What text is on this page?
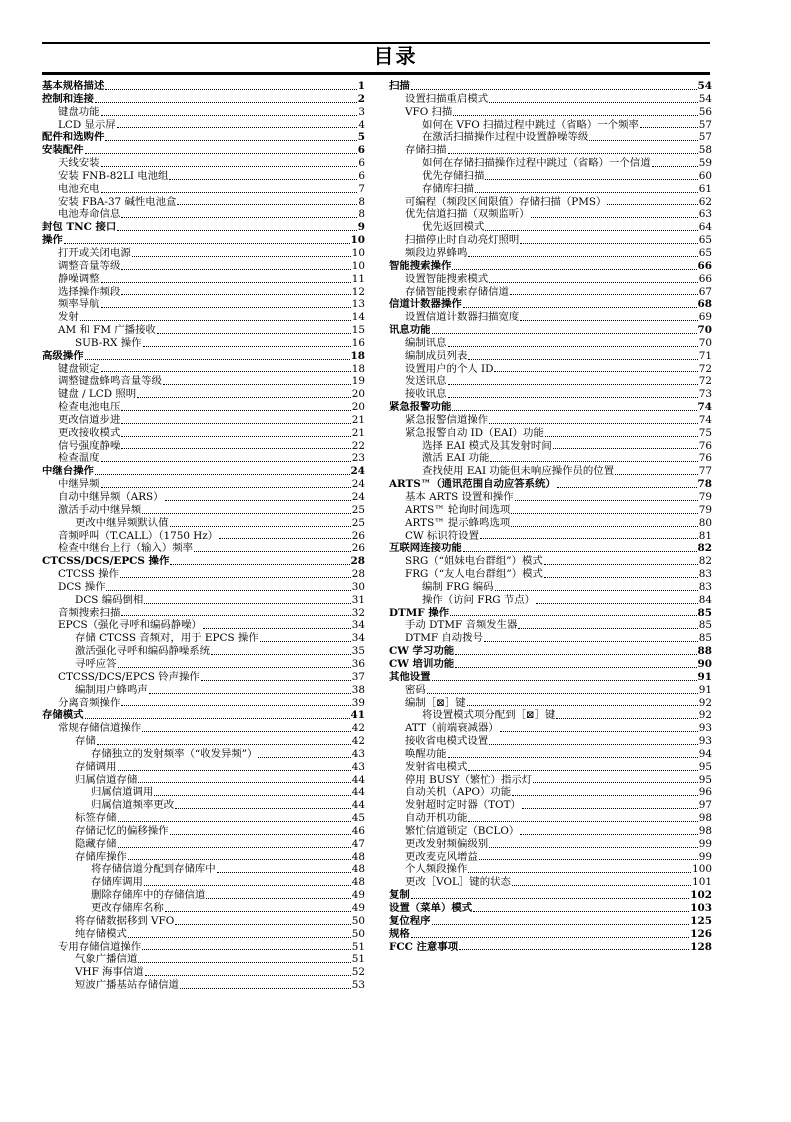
目录
基本规格描述	1
控制和连接	2
键盘功能	3
LCD 显示屏	4
配件和选购件	5
安装配件	6
天线安装	6
安装 FNB-82LI 电池组	6
电池充电	7
安装 FBA-37 碱性电池盒	8
电池寿命信息	8
封包 TNC 接口	9
操作	10
打开或关闭电源	10
调整音量等级	10
静噪调整	11
选择操作频段	12
频率导航	13
发射	14
AM 和 FM 广播接收	15
SUB-RX 操作	16
高级操作	18
键盘锁定	18
调整键盘蜂鸣音量等级	19
键盘 / LCD 照明	20
检查电池电压	20
更改信道步进	21
更改接收模式	21
信号强度静噪	22
检查温度	23
中继台操作	24
中继异频	24
自动中继异频（ARS）	24
激活手动中继异频	25
更改中继异频默认值	25
音频呼叫（T.CALL）（1750 Hz）	26
检查中继台上行（输入）频率	26
CTCSS/DCS/EPCS 操作	28
CTCSS 操作	28
DCS 操作	30
DCS 编码倒相	31
音频搜索扫描	32
EPCS（强化寻呼和编码静噪）	34
存储 CTCSS 音频对，用于 EPCS 操作	34
激活强化寻呼和编码静噪系统	35
寻呼应答	36
CTCSS/DCS/EPCS 铃声操作	37
编制用户蜂鸣声	38
分离音频操作	39
存储模式	41
常规存储信道操作	42
存储	42
存储独立的发射频率（“收发异频”）	43
存储调用	43
归属信道存储	44
归属信道调用	44
归属信道频率更改	44
标签存储	45
存储记忆的偏移操作	46
隐藏存储	47
存储库操作	48
将存储信道分配到存储库中	48
存储库调用	48
删除存储库中的存储信道	49
更改存储库名称	49
将存储数据移到 VFO	50
纯存储模式	50
专用存储信道操作	51
气象广播信道	51
VHF 海事信道	52
短波广播基站存储信道	53
扫描	54
设置扫描重启模式	54
VFO 扫描	56
如何在 VFO 扫描过程中跳过（省略）一个频率	57
在激活扫描操作过程中设置静噪等级	57
存储扫描	58
如何在存储扫描操作过程中跳过（省略）一个信道	59
优先存储扫描	60
存储库扫描	61
可编程（频段区间限值）存储扫描（PMS）	62
优先信道扫描（双频监听）	63
优先返回模式	64
扫描停止时自动亮灯照明	65
频段边界蜂鸣	65
智能搜索操作	66
设置智能搜索模式	66
存储智能搜索存储信道	67
信道计数器操作	68
设置信道计数器扫描宽度	69
讯息功能	70
编制讯息	70
编制成员列表	71
设置用户的个人 ID	72
发送讯息	72
接收讯息	73
紧急报警功能	74
紧急报警信道操作	74
紧急报警自动 ID（EAI）功能	75
选择 EAI 模式及其发射时间	76
激活 EAI 功能	76
查找使用 EAI 功能但未响应操作员的位置	77
ARTS™（通讯范围自动应答系统）	78
基本 ARTS 设置和操作	79
ARTS™ 轮询时间选项	79
ARTS™ 提示蜂鸣选项	80
CW 标识符设置	81
互联网连接功能	82
SRG（“姐妹电台群组”）模式	82
FRG（“友人电台群组”）模式	83
编制 FRG 编码	83
操作（访问 FRG 节点）	84
DTMF 操作	85
手动 DTMF 音频发生器	85
DTMF 自动拨号	85
CW 学习功能	88
CW 培训功能	90
其他设置	91
密码	91
编制［⊠］键	92
将设置模式项分配到［⊠］键	92
ATT（前端衰减器）	93
接收省电模式设置	93
唤醒功能	94
发射省电模式	95
停用 BUSY（繁忙）指示灯	95
自动关机（APO）功能	96
发射超时定时器（TOT）	97
自动开机功能	98
繁忙信道锁定（BCLO）	98
更改发射频偏级别	99
更改麦克风增益	99
个人频段操作	100
更改［VOL］键的状态	101
复制	102
设置（菜单）模式	103
复位程序	125
规格	126
FCC 注意事项	128
